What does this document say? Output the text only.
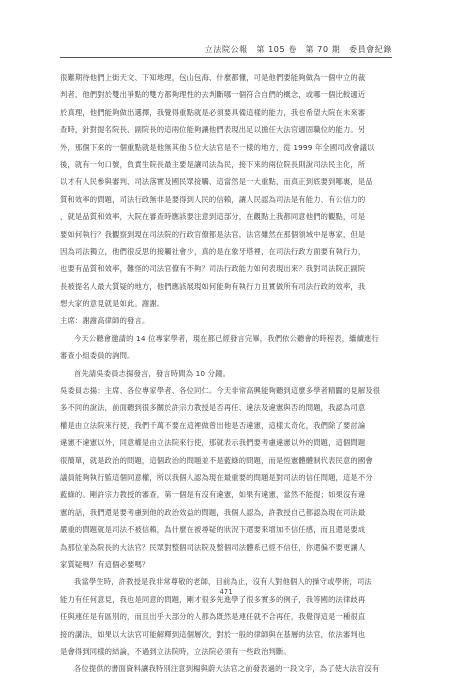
立法院公報　第 105 卷　第 70 期　委員會紀錄
很難期待他們上街天文、下知地理，包山包海、什麼都懂，可是他們要能夠做為一個中立的裁
判者，他們對於雙出爭點的雙方都夠理性的去判斷哪一個符合自們的概念，或哪一個比較適近
於真理，他們能夠做出選擇，我覺得重點就是必須要具備這樣的能力，我也希望大院在未來審
查時，針對提名院長、副院長的這兩位能夠讓他們表現出足以擔任大法官適固職位的能力。另
外，那個下來的一個重點就是他無其他５位大法官是不一樣的地方，從 1999 年全國司改會議以
後，就有一句口號，負責生院長最主要是讓司法為民，接下來的兩位院長則說司法民主化，所
以才有人民參與審判、司法落實及國民眾接觸、這當然是一大重點，而真正到底要到哪裏，是品
質和效率的問題，司法行政無非是要得到人民的信賴，讓人民認為司法是有能力、有公信力的
，就是品質和效率，大院在審查時應該要注意到這部分，在觀點上我都同意他們的觀點，可是
要如何執行？我觀察到現在司法院的行政官僚都是法官，法官雖然在那個領域中是專家，但是
因為司法獨立，他們很反思的接觸社會少，真的是在象牙塔裡，在司法行政方面要有執行力，
也要有品質和效率，難怪的司法官僚有不夠？司法行政能力如何表現出來？我對司法院正副院
長被提名人最大質疑的地方，他們應該展現如何能夠有執行力且實做所有司法行政的效率，我
想大家的意見就是如此。謝謝。
主席：謝謝高律師的發言。
今天公聽會邀請的 14 位專家學者，現在都已經發言完畢，我們依公聽會的時程表，繼續進行
審查小組委員的詢問。
首先請吳委員志揚發言，發言時間為 10 分鐘。
吳委員志揚：主席、各位專家學者、各位同仁。今天非常高興能夠聽到這麼多學者精闢的見解及很
多不同的說法，前面聽到很多關於許宗力教授是否再任、違法及違憲與否的問題，我認為司意
權是由立法院來行使，我們千萬不要在這裡做曾出他是否違憲，這樣太奇化，我們除了要討論
違憲不違憲以外，同意權是由立法院來行使，那就表示我們要考慮違憲以外的問題，這個問題
很簡單，就是政治的問題，這個政治的問題並不是藍綠的問題，而是恆憲體體制代表民意的國會
議員能夠執行監這個同意權，所以我個人認為現在最重要的問題是對司法的信任問題，這是不分
藍綠的。剛許宗力教授的審查，第一個是有沒有違憲，如果有違憲，當然不能提；如果沒有違
憲的話，我們還是要考慮到他的政治效益的問題，我個人認為，許教授自己都認為現在司法最
嚴重的問題就是司法不被信賴，為什麼在被尋疑的狀況下還要來增加不信任感，而且還是要成
為那位並為院長的大法官？民眾對整個司法院及整個司法體系已經不信任，你還偏不要更讓人
家質疑嗎？有這個必要嗎？
我當學生時，許教授是我非常尊敬的老師，目前為止，沒有人對他個人的操守或學術，司法
能力有任何意見，我也是同意的問題，剛才很多先進學了很多實多的例子，我等國的法律歧再
任與連任是有區別的，而且出乎大部分的人都為既然是連任就不合再任，我覺得這是一種很直
接的講法，如果以大法官可能解釋到這個層次，對於一般的律師與在基層的法官，依法審判也
是會得到同樣的結論，不過到立法院時，立法院必須有一些政治判斷。
各位提供的書面資料讓我特別注意到楊與蔚大法官之前發表過的一段文字，為了使大法官沒有
471
